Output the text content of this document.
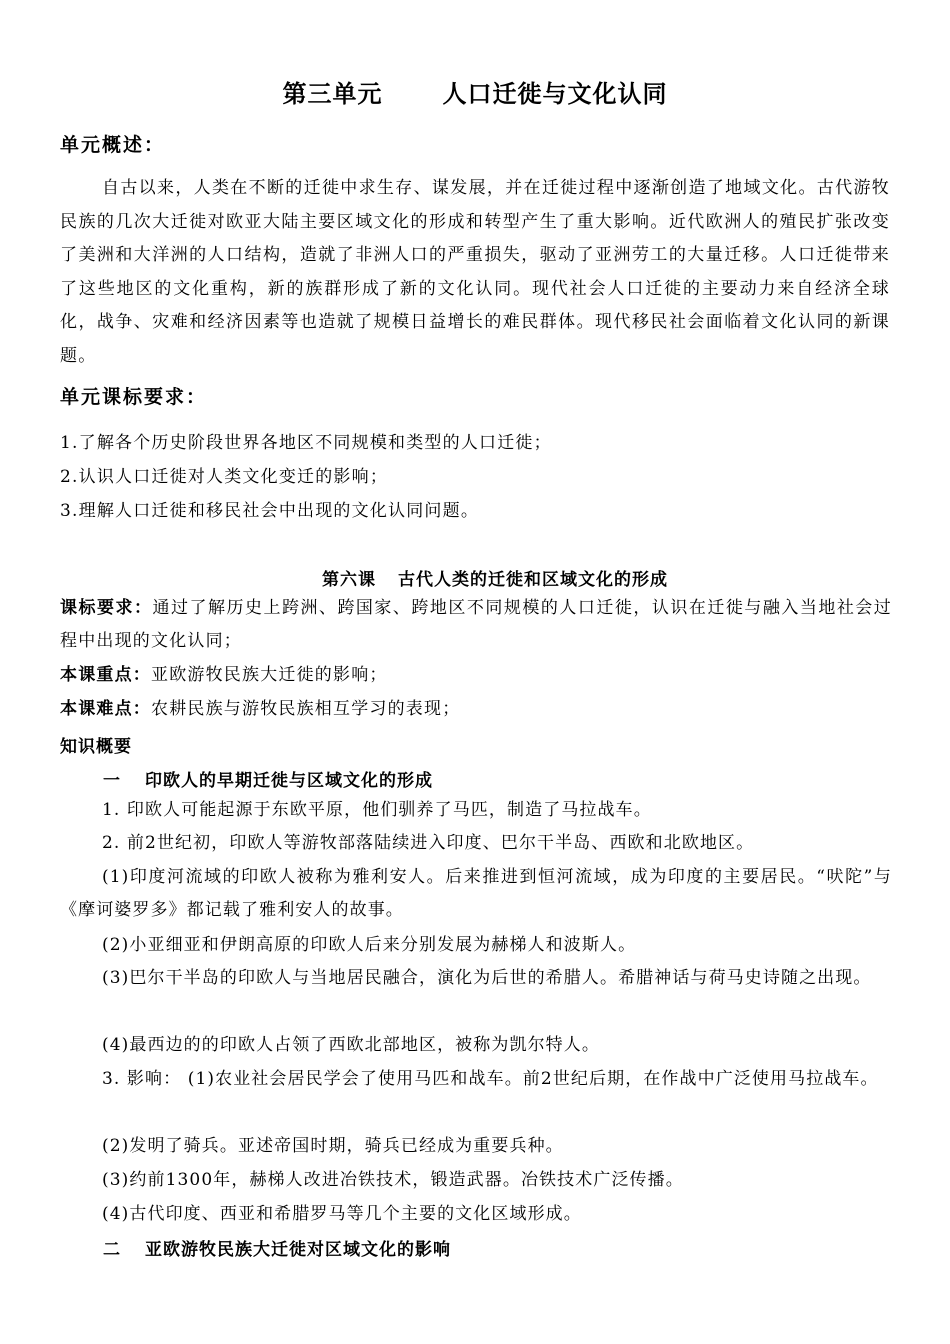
第三单元	人口迁徙与文化认同
单元概述：
自古以来，人类在不断的迁徙中求生存、谋发展，并在迁徙过程中逐渐创造了地域文化。古代游牧民族的几次大迁徙对欧亚大陆主要区域文化的形成和转型产生了重大影响。近代欧洲人的殖民扩张改变了美洲和大洋洲的人口结构，造就了非洲人口的严重损失，驱动了亚洲劳工的大量迁移。人口迁徙带来了这些地区的文化重构，新的族群形成了新的文化认同。现代社会人口迁徙的主要动力来自经济全球化，战争、灾难和经济因素等也造就了规模日益增长的难民群体。现代移民社会面临着文化认同的新课题。
单元课标要求：
1.了解各个历史阶段世界各地区不同规模和类型的人口迁徙；
2.认识人口迁徙对人类文化变迁的影响；
3.理解人口迁徙和移民社会中出现的文化认同问题。
第六课 古代人类的迁徙和区域文化的形成
课标要求：通过了解历史上跨洲、跨国家、跨地区不同规模的人口迁徙，认识在迁徙与融入当地社会过程中出现的文化认同；
本课重点：亚欧游牧民族大迁徙的影响；
本课难点：农耕民族与游牧民族相互学习的表现；
知识概要
一 印欧人的早期迁徙与区域文化的形成
1. 印欧人可能起源于东欧平原，他们驯养了马匹，制造了马拉战车。
2. 前2世纪初，印欧人等游牧部落陆续进入印度、巴尔干半岛、西欧和北欧地区。
(1)印度河流域的印欧人被称为雅利安人。后来推进到恒河流域，成为印度的主要居民。“吠陀”与《摩诃婆罗多》都记载了雅利安人的故事。
(2)小亚细亚和伊朗高原的印欧人后来分别发展为赫梯人和波斯人。
(3)巴尔干半岛的印欧人与当地居民融合，演化为后世的希腊人。希腊神话与荷马史诗随之出现。
(4)最西边的的印欧人占领了西欧北部地区，被称为凯尔特人。
3. 影响： (1)农业社会居民学会了使用马匹和战车。前2世纪后期，在作战中广泛使用马拉战车。
(2)发明了骑兵。亚述帝国时期，骑兵已经成为重要兵种。
(3)约前1300年，赫梯人改进冶铁技术，锻造武器。冶铁技术广泛传播。
(4)古代印度、西亚和希腊罗马等几个主要的文化区域形成。
二 亚欧游牧民族大迁徙对区域文化的影响
